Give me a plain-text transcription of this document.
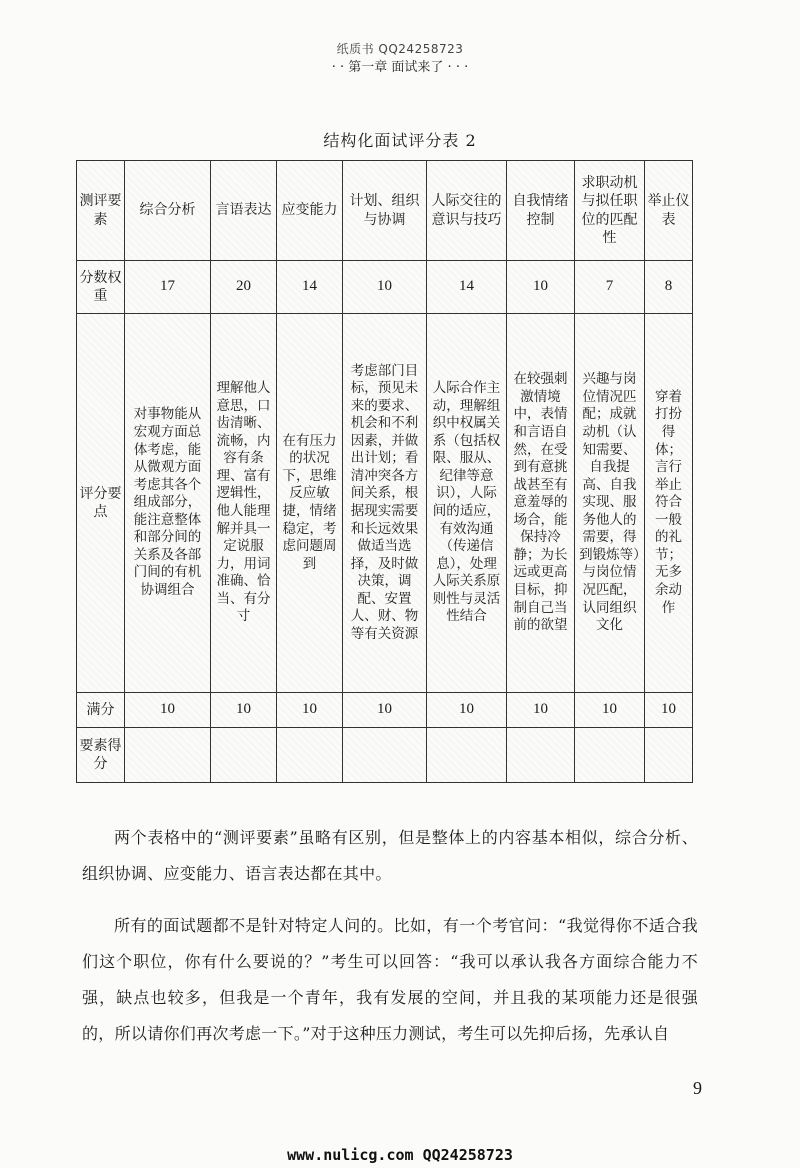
纸质书 QQ24258723
· · 第一章 面试来了 · · ·
结构化面试评分表 2
测评要素	综合分析	言语表达	应变能力	计划、组织与协调	人际交往的意识与技巧	自我情绪控制	求职动机与拟任职位的匹配性	举止仪表
分数权重	17	20	14	10	14	10	7	8
评分要点	对事物能从宏观方面总体考虑，能从微观方面考虑其各个组成部分，能注意整体和部分间的关系及各部门间的有机协调组合	理解他人意思，口齿清晰、流畅，内容有条理、富有逻辑性，他人能理解并具一定说服力，用词准确、恰当、有分寸	在有压力的状况下，思维反应敏捷，情绪稳定，考虑问题周到	考虑部门目标，预见未来的要求、机会和不利因素，并做出计划；看清冲突各方间关系，根据现实需要和长远效果做适当选择，及时做决策，调配、安置人、财、物等有关资源	人际合作主动，理解组织中权属关系（包括权限、服从、纪律等意识），人际间的适应，有效沟通（传递信息），处理人际关系原则性与灵活性结合	在较强刺激情境中，表情和言语自然，在受到有意挑战甚至有意羞辱的场合，能保持冷静；为长远或更高目标，抑制自己当前的欲望	兴趣与岗位情况匹配；成就动机（认知需要、自我提高、自我实现、服务他人的需要，得到锻炼等）与岗位情况匹配，认同组织文化	穿着打扮得体；言行举止符合一般的礼节；无多余动作

满分	10	10	10	10	10	10	10	10
要素得分								

两个表格中的“测评要素”虽略有区别，但是整体上的内容基本相似，综合分析、组织协调、应变能力、语言表达都在其中。

所有的面试题都不是针对特定人问的。比如，有一个考官问：“我觉得你不适合我们这个职位，你有什么要说的？”考生可以回答：“我可以承认我各方面综合能力不强，缺点也较多，但我是一个青年，我有发展的空间，并且我的某项能力还是很强的，所以请你们再次考虑一下。”对于这种压力测试，考生可以先抑后扬，先承认自

9
www.nulicg.com QQ24258723
